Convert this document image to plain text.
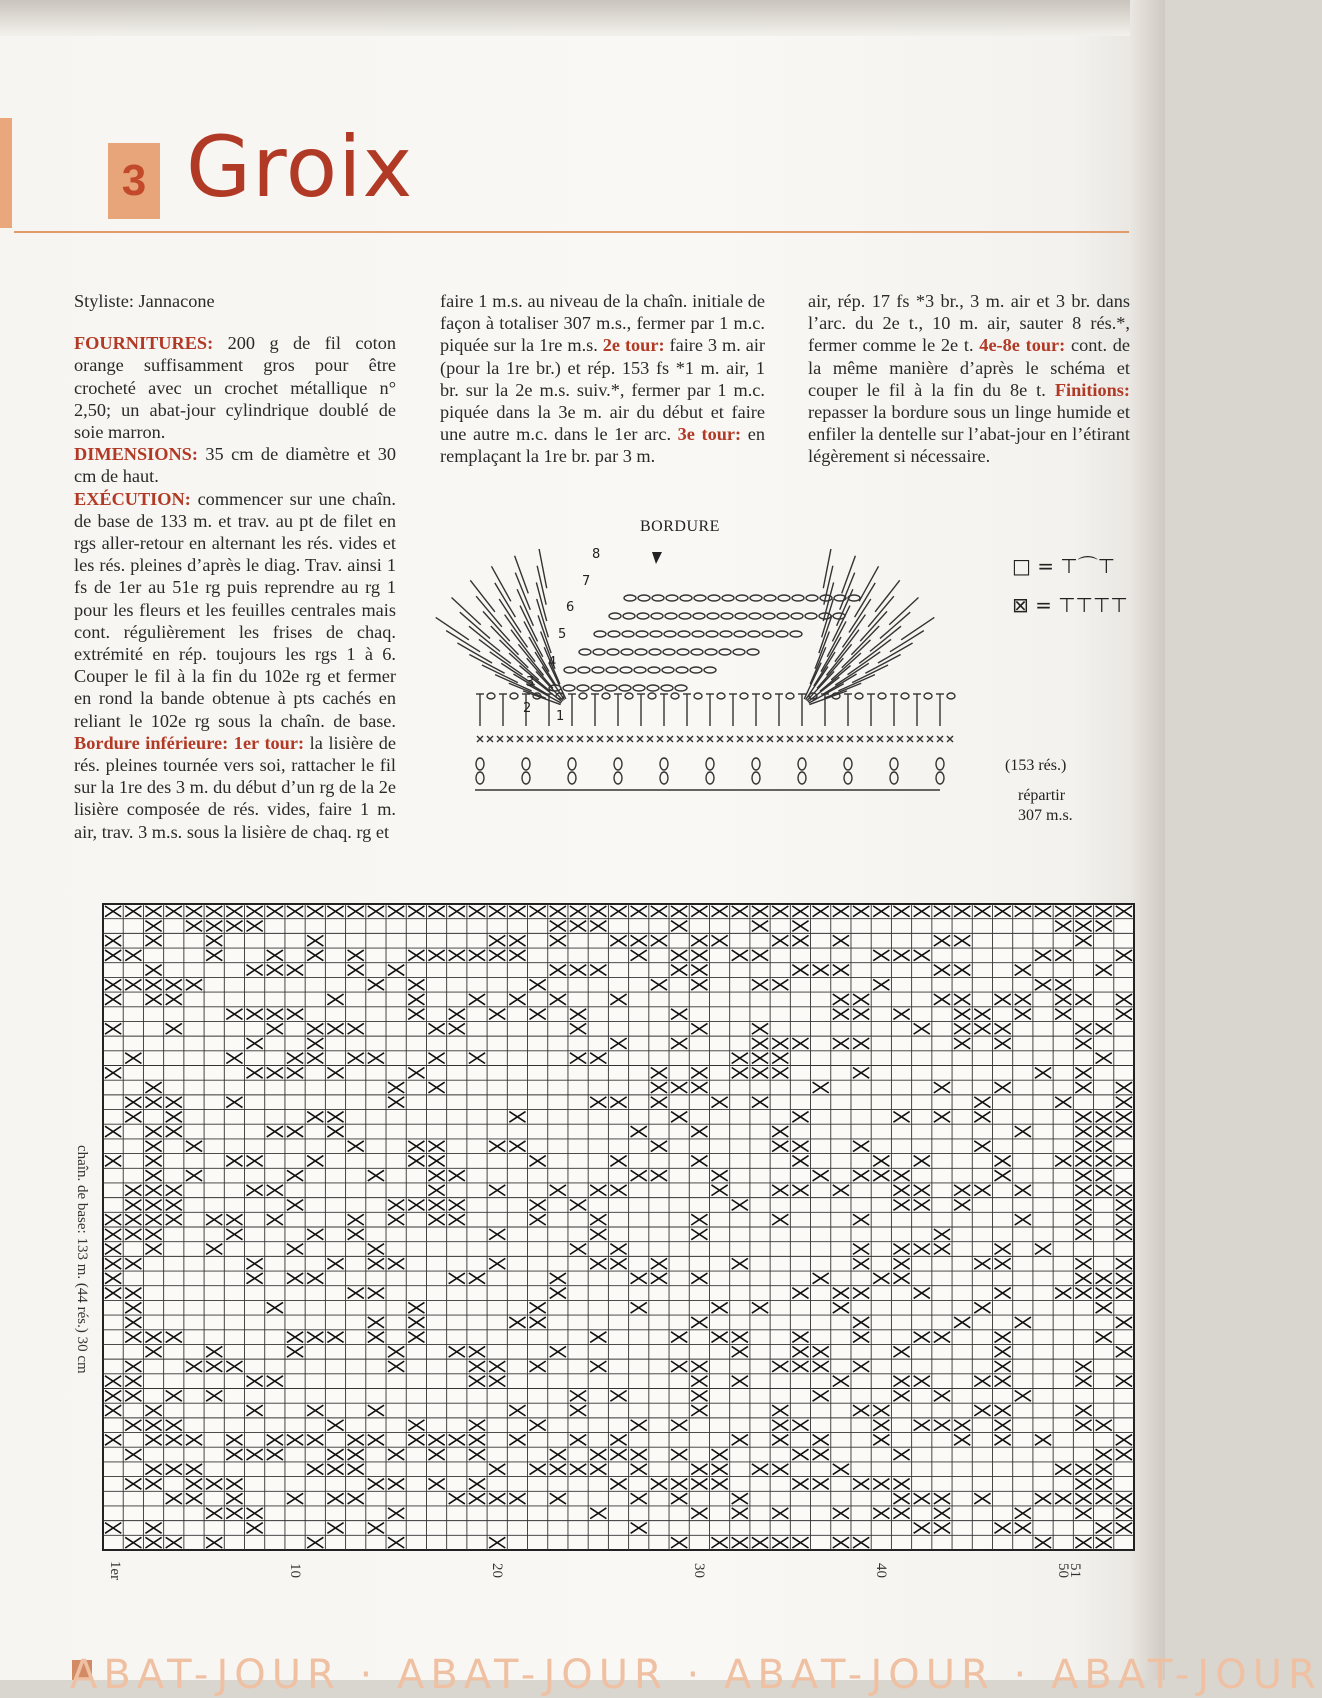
3 Groix

Styliste: Jannacone

FOURNITURES: 200 g de fil coton orange suffisamment gros pour être crocheté avec un crochet métallique n° 2,50; un abat-jour cylindrique doublé de soie marron.

DIMENSIONS: 35 cm de diamètre et 30 cm de haut.

EXÉCUTION: commencer sur une chaîn. de base de 133 m. et trav. au pt de filet en rgs aller-retour en alternant les rés. vides et les rés. pleines d’après le diag. Trav. ainsi 1 fs de 1er au 51e rg puis reprendre au rg 1 pour les fleurs et les feuilles centrales mais cont. régulièrement les frises de chaq. extrémité en rép. toujours les rgs 1 à 6. Couper le fil à la fin du 102e rg et fermer en rond la bande obtenue à pts cachés en reliant le 102e rg sous la chaîn. de base. Bordure inférieure: 1er tour: la lisière de rés. pleines tournée vers soi, rattacher le fil sur la 1re des 3 m. du début d’un rg de la 2e lisière composée de rés. vides, faire 1 m. air, trav. 3 m.s. sous la lisière de chaq. rg et

faire 1 m.s. au niveau de la chaîn. initiale de façon à totaliser 307 m.s., fermer par 1 m.c. piquée sur la 1re m.s. 2e tour: faire 3 m. air (pour la 1re br.) et rép. 153 fs *1 m. air, 1 br. sur la 2e m.s. suiv.*, fermer par 1 m.c. piquée dans la 3e m. air du début et faire une autre m.c. dans le 1er arc. 3e tour: en remplaçant la 1re br. par 3 m.

air, rép. 17 fs *3 br., 3 m. air et 3 br. dans l’arc. du 2e t., 10 m. air, sauter 8 rés.*, fermer comme le 2e t. 4e-8e tour: cont. de la même manière d’après le schéma et couper le fil à la fin du 8e t. Finitions: repasser la bordure sous un linge humide et enfiler la dentelle sur l’abat-jour en l’étirant légèrement si nécessaire.

BORDURE
1
2
3
4
5
6
7
8	□ = ⊤⌒⊤
⊠ = ⊤⊤⊤⊤
(153 rés.)
répartir
307 m.s.
chaîn. de base: 133 m. (44 rés.) 30 cm
1er	10	20	30	40	50
51
ABAT-JOUR · ABAT-JOUR · ABAT-JOUR · ABAT-JOUR
